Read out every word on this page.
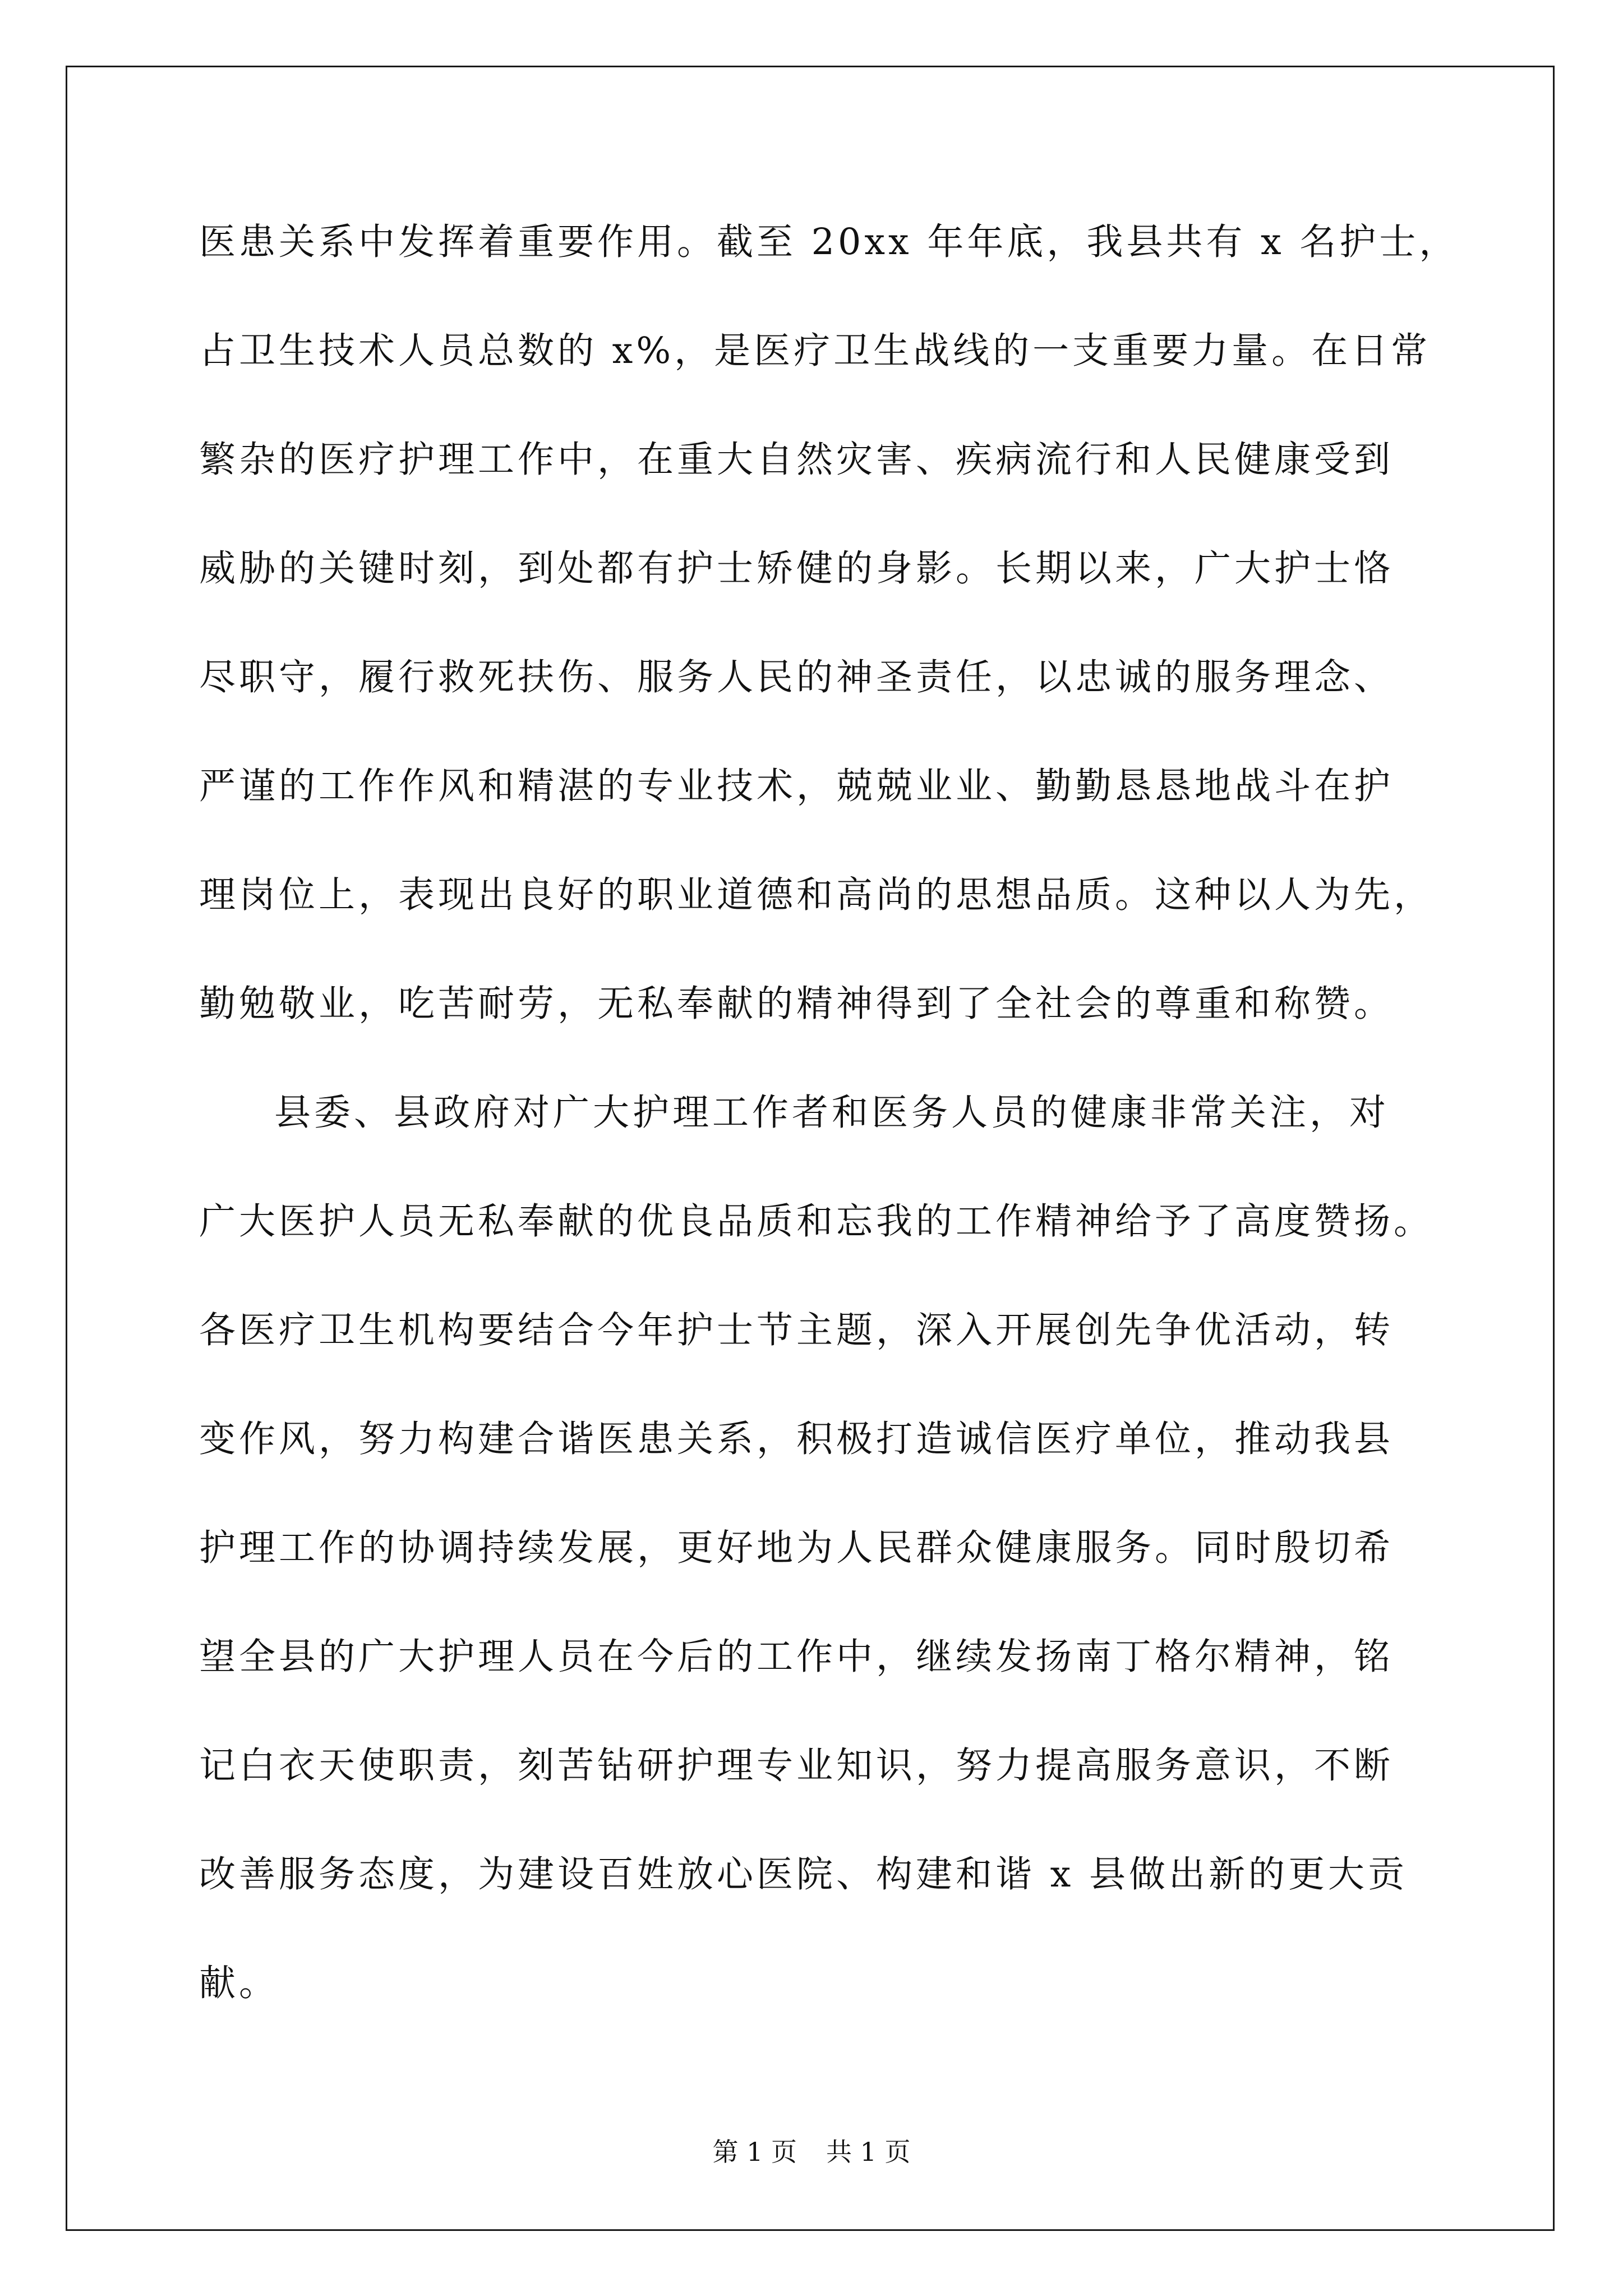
医患关系中发挥着重要作用。截至 20xx 年年底，我县共有 x 名护士，
占卫生技术人员总数的 x%，是医疗卫生战线的一支重要力量。在日常
繁杂的医疗护理工作中，在重大自然灾害、疾病流行和人民健康受到
威胁的关键时刻，到处都有护士矫健的身影。长期以来，广大护士恪
尽职守，履行救死扶伤、服务人民的神圣责任，以忠诚的服务理念、
严谨的工作作风和精湛的专业技术，兢兢业业、勤勤恳恳地战斗在护
理岗位上，表现出良好的职业道德和高尚的思想品质。这种以人为先，
勤勉敬业，吃苦耐劳，无私奉献的精神得到了全社会的尊重和称赞。
县委、县政府对广大护理工作者和医务人员的健康非常关注，对
广大医护人员无私奉献的优良品质和忘我的工作精神给予了高度赞扬。
各医疗卫生机构要结合今年护士节主题，深入开展创先争优活动，转
变作风，努力构建合谐医患关系，积极打造诚信医疗单位，推动我县
护理工作的协调持续发展，更好地为人民群众健康服务。同时殷切希
望全县的广大护理人员在今后的工作中，继续发扬南丁格尔精神，铭
记白衣天使职责，刻苦钻研护理专业知识，努力提高服务意识，不断
改善服务态度，为建设百姓放心医院、构建和谐 x 县做出新的更大贡
献。
第 1 页 共 1 页
